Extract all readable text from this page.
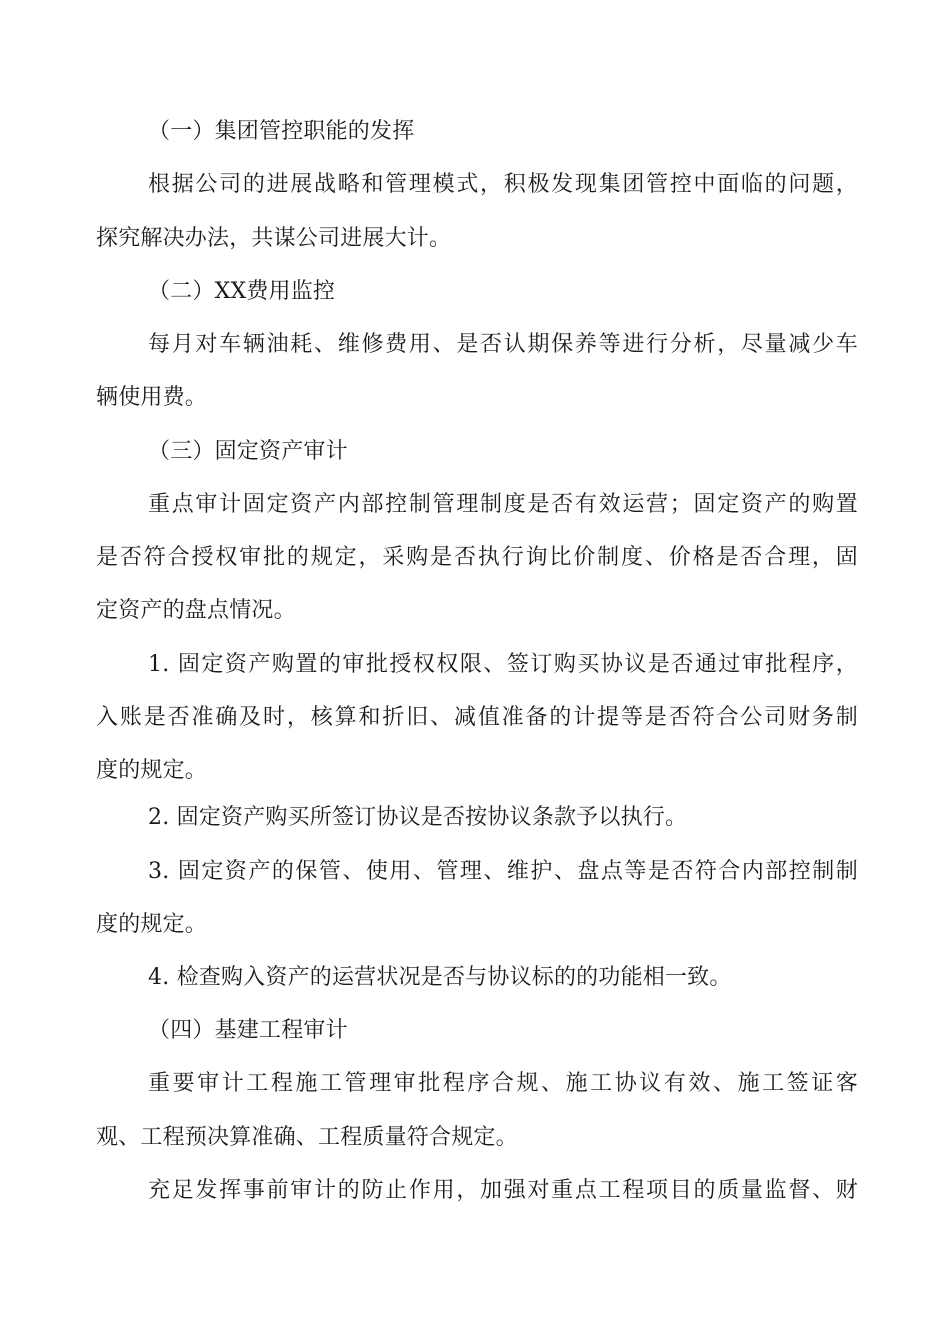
（一）集团管控职能的发挥
根据公司的进展战略和管理模式，积极发现集团管控中面临的问题，
探究解决办法，共谋公司进展大计。
（二）XX费用监控
每月对车辆油耗、维修费用、是否认期保养等进行分析，尽量减少车
辆使用费。
（三）固定资产审计
重点审计固定资产内部控制管理制度是否有效运营；固定资产的购置
是否符合授权审批的规定，采购是否执行询比价制度、价格是否合理，固
定资产的盘点情况。
1. 固定资产购置的审批授权权限、签订购买协议是否通过审批程序，
入账是否准确及时，核算和折旧、减值准备的计提等是否符合公司财务制
度的规定。
2. 固定资产购买所签订协议是否按协议条款予以执行。
3. 固定资产的保管、使用、管理、维护、盘点等是否符合内部控制制
度的规定。
4. 检查购入资产的运营状况是否与协议标的的功能相一致。
（四）基建工程审计
重要审计工程施工管理审批程序合规、施工协议有效、施工签证客
观、工程预决算准确、工程质量符合规定。
充足发挥事前审计的防止作用，加强对重点工程项目的质量监督、财
